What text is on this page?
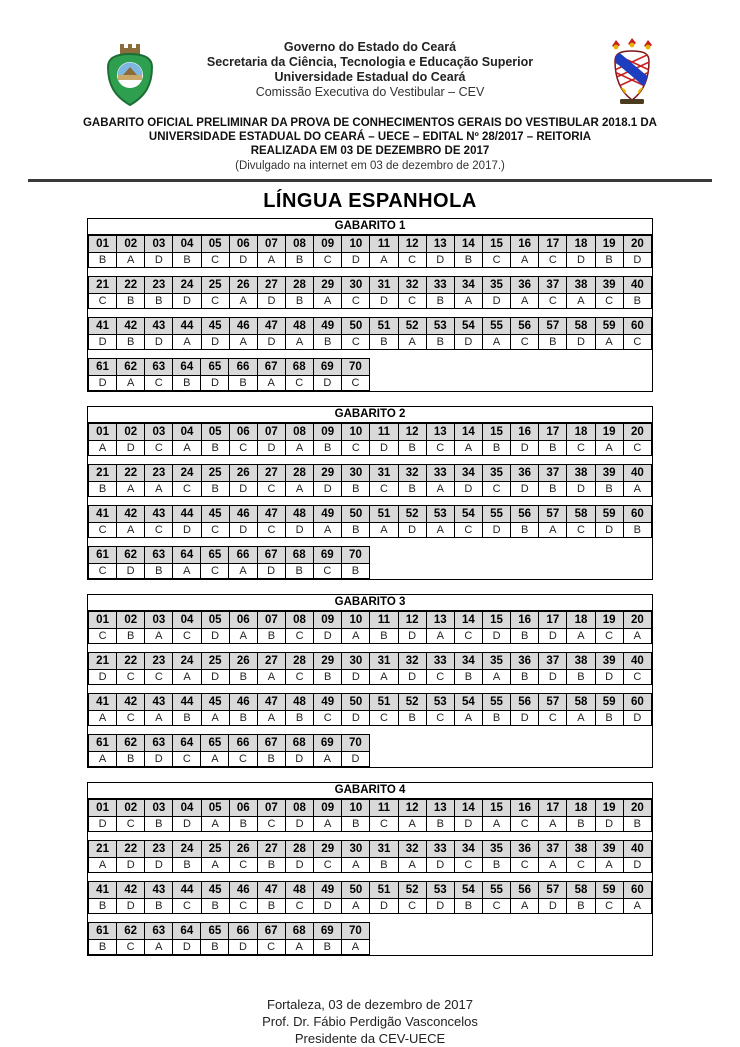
Governo do Estado do Ceará
Secretaria da Ciência, Tecnologia e Educação Superior
Universidade Estadual do Ceará
Comissão Executiva do Vestibular – CEV
GABARITO OFICIAL PRELIMINAR DA PROVA DE CONHECIMENTOS GERAIS DO VESTIBULAR 2018.1 DA UNIVERSIDADE ESTADUAL DO CEARÁ – UECE – EDITAL Nº 28/2017 – REITORIA
REALIZADA EM 03 DE DEZEMBRO DE 2017
(Divulgado na internet em 03 de dezembro de 2017.)
LÍNGUA ESPANHOLA
GABARITO 1
01	02	03	04	05	06	07	08	09	10	11	12	13	14	15	16	17	18	19	20
B	A	D	B	C	D	A	B	C	D	A	C	D	B	C	A	C	D	B	D
21	22	23	24	25	26	27	28	29	30	31	32	33	34	35	36	37	38	39	40
C	B	B	D	C	A	D	B	A	C	D	C	B	A	D	A	C	A	C	B
41	42	43	44	45	46	47	48	49	50	51	52	53	54	55	56	57	58	59	60
D	B	D	A	D	A	D	A	B	C	B	A	B	D	A	C	B	D	A	C
61	62	63	64	65	66	67	68	69	70
D	A	C	B	D	B	A	C	D	C
GABARITO 2
01	02	03	04	05	06	07	08	09	10	11	12	13	14	15	16	17	18	19	20
A	D	C	A	B	C	D	A	B	C	D	B	C	A	B	D	B	C	A	C
21	22	23	24	25	26	27	28	29	30	31	32	33	34	35	36	37	38	39	40
B	A	A	C	B	D	C	A	D	B	C	B	A	D	C	D	B	D	B	A
41	42	43	44	45	46	47	48	49	50	51	52	53	54	55	56	57	58	59	60
C	A	C	D	C	D	C	D	A	B	A	D	A	C	D	B	A	C	D	B
61	62	63	64	65	66	67	68	69	70
C	D	B	A	C	A	D	B	C	B
GABARITO 3
01	02	03	04	05	06	07	08	09	10	11	12	13	14	15	16	17	18	19	20
C	B	A	C	D	A	B	C	D	A	B	D	A	C	D	B	D	A	C	A
21	22	23	24	25	26	27	28	29	30	31	32	33	34	35	36	37	38	39	40
D	C	C	A	D	B	A	C	B	D	A	D	C	B	A	B	D	B	D	C
41	42	43	44	45	46	47	48	49	50	51	52	53	54	55	56	57	58	59	60
A	C	A	B	A	B	A	B	C	D	C	B	C	A	B	D	C	A	B	D
61	62	63	64	65	66	67	68	69	70
A	B	D	C	A	C	B	D	A	D
GABARITO 4
01	02	03	04	05	06	07	08	09	10	11	12	13	14	15	16	17	18	19	20
D	C	B	D	A	B	C	D	A	B	C	A	B	D	A	C	A	B	D	B
21	22	23	24	25	26	27	28	29	30	31	32	33	34	35	36	37	38	39	40
A	D	D	B	A	C	B	D	C	A	B	A	D	C	B	C	A	C	A	D
41	42	43	44	45	46	47	48	49	50	51	52	53	54	55	56	57	58	59	60
B	D	B	C	B	C	B	C	D	A	D	C	D	B	C	A	D	B	C	A
61	62	63	64	65	66	67	68	69	70
B	C	A	D	B	D	C	A	B	A
Fortaleza, 03 de dezembro de 2017
Prof. Dr. Fábio Perdigão Vasconcelos
Presidente da CEV-UECE
